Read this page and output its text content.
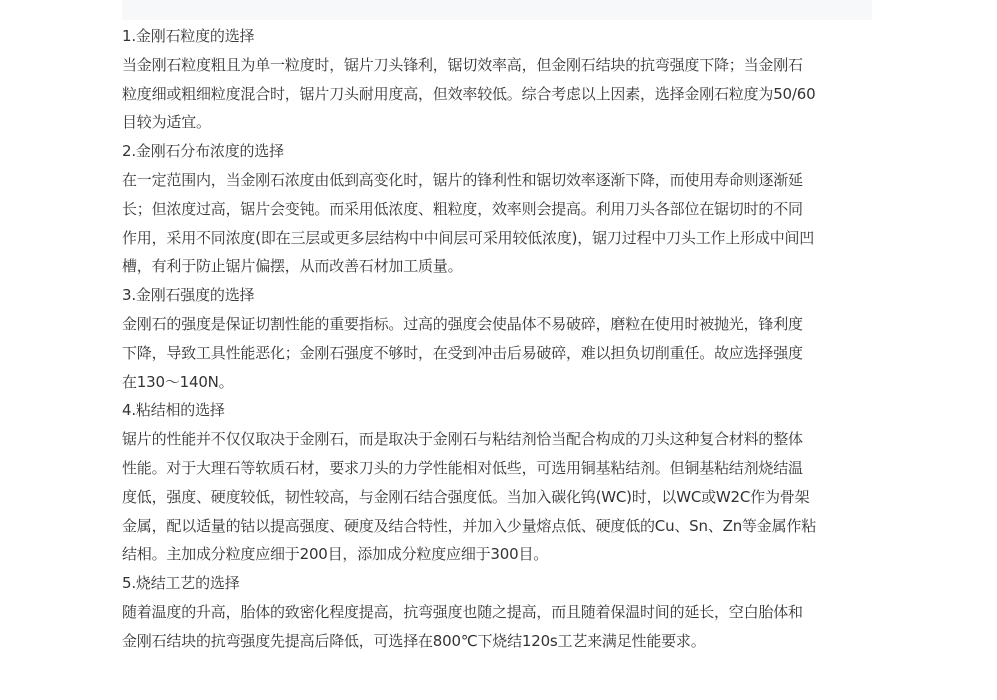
1.金刚石粒度的选择

当金刚石粒度粗且为单一粒度时，锯片刀头锋利，锯切效率高，但金刚石结块的抗弯强度下降；当金刚石
粒度细或粗细粒度混合时，锯片刀头耐用度高，但效率较低。综合考虑以上因素，选择金刚石粒度为50/60
目较为适宜。

2.金刚石分布浓度的选择

在一定范围内，当金刚石浓度由低到高变化时，锯片的锋利性和锯切效率逐渐下降，而使用寿命则逐渐延
长；但浓度过高，锯片会变钝。而采用低浓度、粗粒度，效率则会提高。利用刀头各部位在锯切时的不同
作用，采用不同浓度(即在三层或更多层结构中中间层可采用较低浓度)，锯刀过程中刀头工作上形成中间凹
槽，有利于防止锯片偏摆，从而改善石材加工质量。

3.金刚石强度的选择

金刚石的强度是保证切割性能的重要指标。过高的强度会使晶体不易破碎，磨粒在使用时被抛光，锋利度
下降，导致工具性能恶化；金刚石强度不够时，在受到冲击后易破碎，难以担负切削重任。故应选择强度
在130～140N。

4.粘结相的选择

锯片的性能并不仅仅取决于金刚石，而是取决于金刚石与粘结剂恰当配合构成的刀头这种复合材料的整体
性能。对于大理石等软质石材，要求刀头的力学性能相对低些，可选用铜基粘结剂。但铜基粘结剂烧结温
度低，强度、硬度较低，韧性较高，与金刚石结合强度低。当加入碳化钨(WC)时，以WC或W2C作为骨架
金属，配以适量的钴以提高强度、硬度及结合特性，并加入少量熔点低、硬度低的Cu、Sn、Zn等金属作粘
结相。主加成分粒度应细于200目，添加成分粒度应细于300目。

5.烧结工艺的选择

随着温度的升高，胎体的致密化程度提高，抗弯强度也随之提高，而且随着保温时间的延长，空白胎体和
金刚石结块的抗弯强度先提高后降低，可选择在800℃下烧结120s工艺来满足性能要求。
